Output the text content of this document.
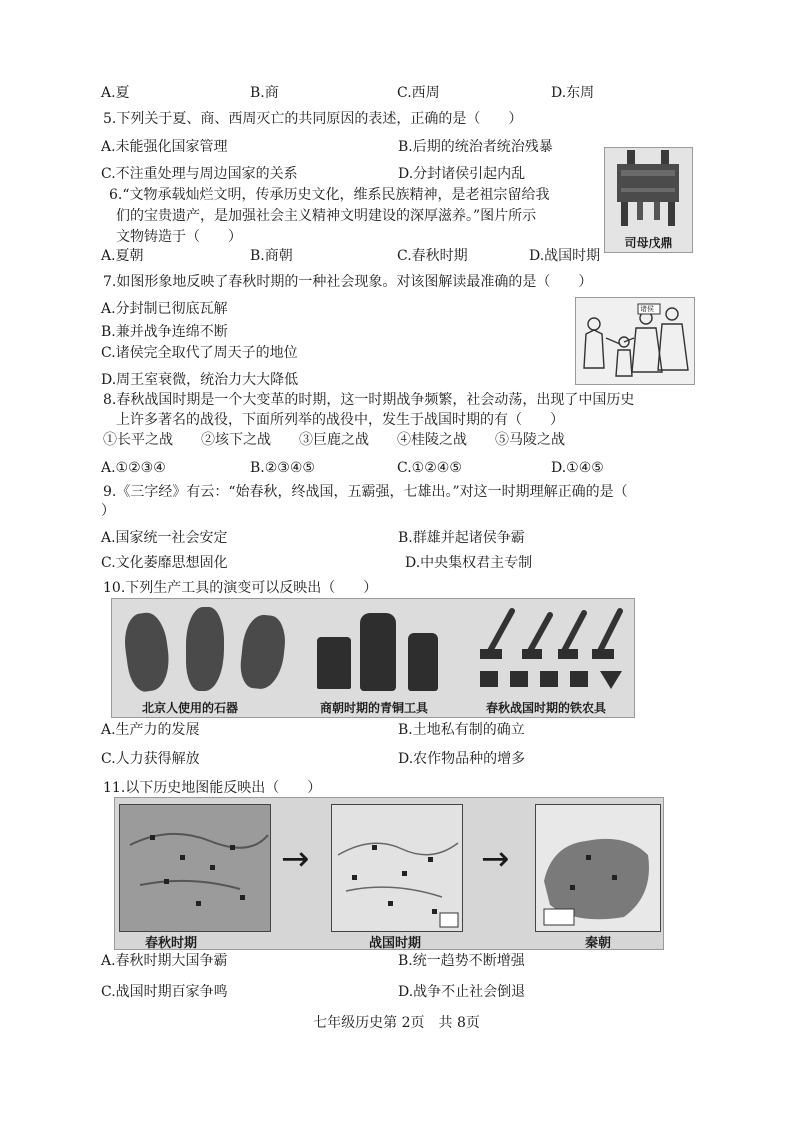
A.夏	B.商	C.西周	D.东周
5.下列关于夏、商、西周灭亡的共同原因的表述，正确的是（　　）
A.未能强化国家管理	B.后期的统治者统治残暴
C.不注重处理与周边国家的关系	D.分封诸侯引起内乱
司母戊鼎
6.“文物承载灿烂文明，传承历史文化，维系民族精神，是老祖宗留给我
们的宝贵遗产，是加强社会主义精神文明建设的深厚滋养。”图片所示
文物铸造于（　　）
A.夏朝	B.商朝	C.春秋时期	D.战国时期
7.如图形象地反映了春秋时期的一种社会现象。对该图解读最准确的是（　　）
A.分封制已彻底瓦解
B.兼并战争连绵不断
C.诸侯完全取代了周天子的地位
D.周王室衰微，统治力大大降低
诸侯
8.春秋战国时期是一个大变革的时期，这一时期战争频繁，社会动荡，出现了中国历史
上许多著名的战役，下面所列举的战役中，发生于战国时期的有（　　）
①长平之战　　②垓下之战　　③巨鹿之战　　④桂陵之战　　⑤马陵之战
A.①②③④	B.②③④⑤	C.①②④⑤	D.①④⑤
9.《三字经》有云：“始春秋，终战国，五霸强，七雄出。”对这一时期理解正确的是（
）
A.国家统一社会安定	B.群雄并起诸侯争霸
C.文化萎靡思想固化	D.中央集权君主专制
10.下列生产工具的演变可以反映出（　　）
北京人使用的石器	商朝时期的青铜工具	春秋战国时期的铁农具
A.生产力的发展	B.土地私有制的确立
C.人力获得解放	D.农作物品种的增多
11.以下历史地图能反映出（　　）
→	→
春秋时期	战国时期	秦朝
A.春秋时期大国争霸	B.统一趋势不断增强
C.战国时期百家争鸣	D.战争不止社会倒退
七年级历史第 2页　共 8页
